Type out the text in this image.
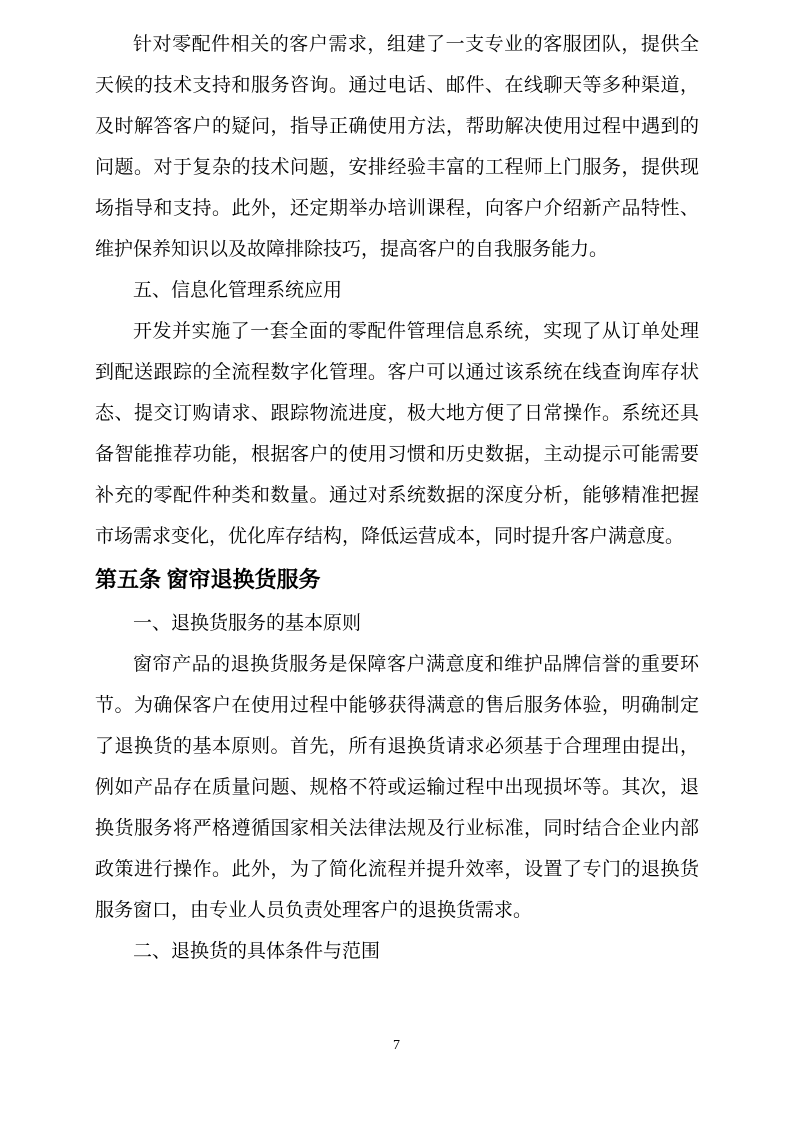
针对零配件相关的客户需求，组建了一支专业的客服团队，提供全天候的技术支持和服务咨询。通过电话、邮件、在线聊天等多种渠道，及时解答客户的疑问，指导正确使用方法，帮助解决使用过程中遇到的问题。对于复杂的技术问题，安排经验丰富的工程师上门服务，提供现场指导和支持。此外，还定期举办培训课程，向客户介绍新产品特性、维护保养知识以及故障排除技巧，提高客户的自我服务能力。

五、信息化管理系统应用

开发并实施了一套全面的零配件管理信息系统，实现了从订单处理到配送跟踪的全流程数字化管理。客户可以通过该系统在线查询库存状态、提交订购请求、跟踪物流进度，极大地方便了日常操作。系统还具备智能推荐功能，根据客户的使用习惯和历史数据，主动提示可能需要补充的零配件种类和数量。通过对系统数据的深度分析，能够精准把握市场需求变化，优化库存结构，降低运营成本，同时提升客户满意度。

第五条 窗帘退换货服务

一、退换货服务的基本原则

窗帘产品的退换货服务是保障客户满意度和维护品牌信誉的重要环节。为确保客户在使用过程中能够获得满意的售后服务体验，明确制定了退换货的基本原则。首先，所有退换货请求必须基于合理理由提出，例如产品存在质量问题、规格不符或运输过程中出现损坏等。其次，退换货服务将严格遵循国家相关法律法规及行业标准，同时结合企业内部政策进行操作。此外，为了简化流程并提升效率，设置了专门的退换货服务窗口，由专业人员负责处理客户的退换货需求。

二、退换货的具体条件与范围

7
